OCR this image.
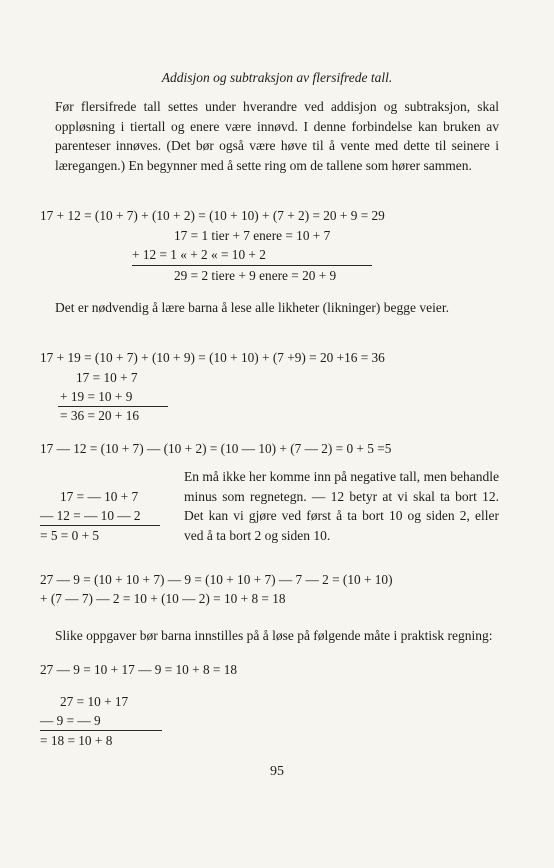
Addisjon og subtraksjon av flersifrede tall.

Før flersifrede tall settes under hverandre ved addisjon og subtraksjon, skal oppløsning i tiertall og enere være innøvd. I denne forbindelse kan bruken av parenteser innøves. (Det bør også være høve til å vente med dette til seinere i læregangen.) En begynner med å sette ring om de tallene som hører sammen.

17 + 12 = (10 + 7) + (10 + 2) = (10 + 10) + (7 + 2) = 20 + 9 = 29
17 = 1 tier + 7 enere = 10 + 7
+ 12 = 1 « + 2 « = 10 + 2
29 = 2 tiere + 9 enere = 20 + 9

Det er nødvendig å lære barna å lese alle likheter (likninger) begge veier.

17 + 19 = (10 + 7) + (10 + 9) = (10 + 10) + (7 +9) = 20 +16 = 36
17 = 10 + 7
+ 19 = 10 + 9
= 36 = 20 + 16
17 — 12 = (10 + 7) — (10 + 2) = (10 — 10) + (7 — 2) = 0 + 5 =5
17 = — 10 + 7
— 12 = — 10 — 2
= 5 = 0 + 5
En må ikke her komme inn på negative tall, men behandle minus som regnetegn. — 12 betyr at vi skal ta bort 12. Det kan vi gjøre ved først å ta bort 10 og siden 2, eller ved å ta bort 2 og siden 10.
27 — 9 = (10 + 10 + 7) — 9 = (10 + 10 + 7) — 7 — 2 = (10 + 10)
+ (7 — 7) — 2 = 10 + (10 — 2) = 10 + 8 = 18

Slike oppgaver bør barna innstilles på å løse på følgende måte i praktisk regning:

27 — 9 = 10 + 17 — 9 = 10 + 8 = 18
27 = 10 + 17
— 9 = — 9
= 18 = 10 + 8
95
